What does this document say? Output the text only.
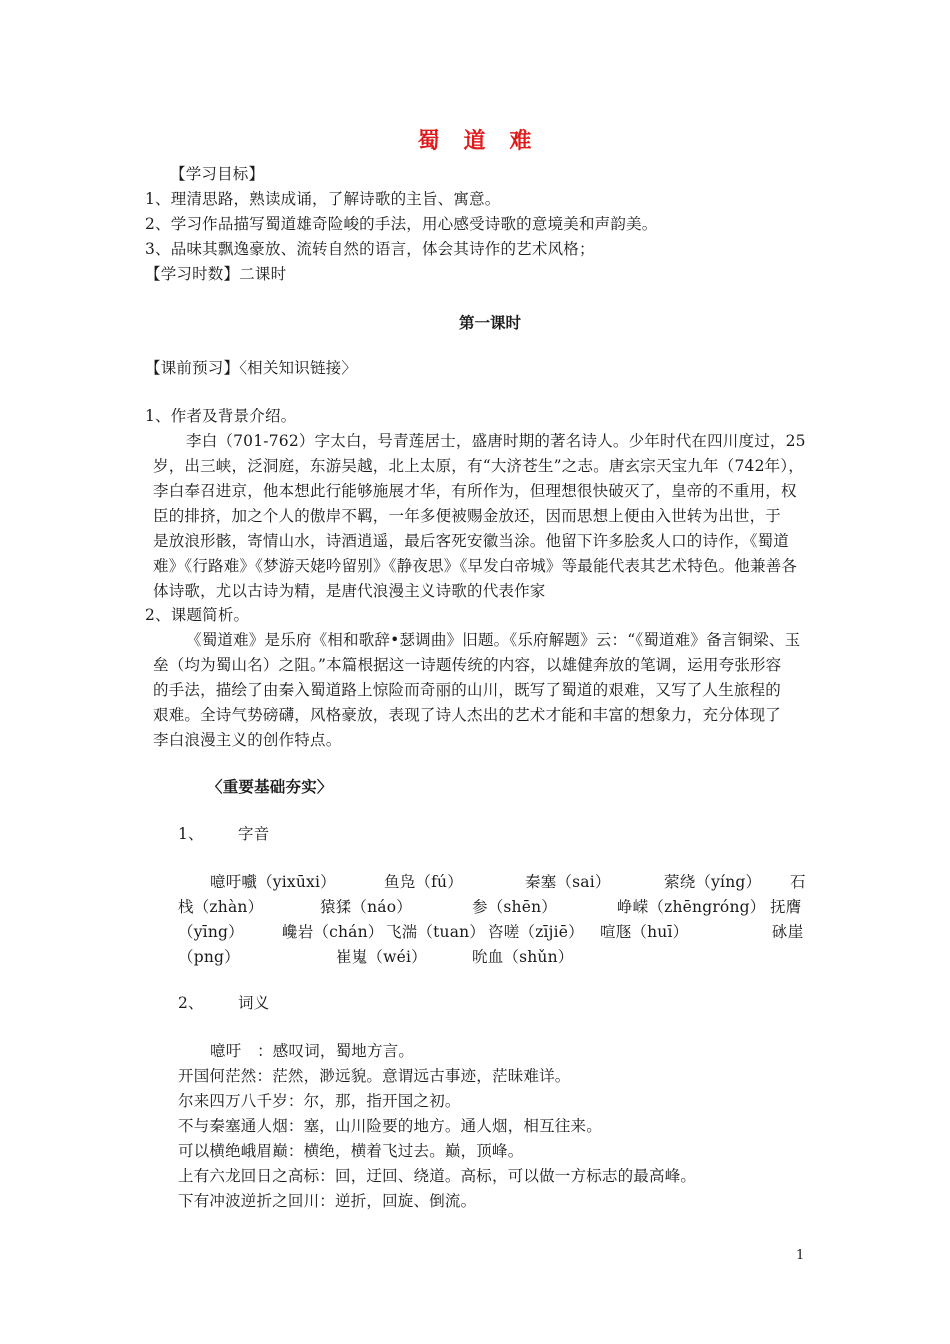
蜀　道　难
【学习目标】
1、理清思路，熟读成诵，了解诗歌的主旨、寓意。
2、学习作品描写蜀道雄奇险峻的手法，用心感受诗歌的意境美和声韵美。
3、品味其飘逸豪放、流转自然的语言，体会其诗作的艺术风格；
【学习时数】二课时
第一课时
【课前预习】〈相关知识链接〉
1、作者及背景介绍。
李白（701-762）字太白，号青莲居士，盛唐时期的著名诗人。少年时代在四川度过，25
岁，出三峡，泛洞庭，东游吴越，北上太原，有“大济苍生”之志。唐玄宗天宝九年（742年），
李白奉召进京，他本想此行能够施展才华，有所作为，但理想很快破灭了，皇帝的不重用，权
臣的排挤，加之个人的傲岸不羁，一年多便被赐金放还，因而思想上便由入世转为出世，于
是放浪形骸，寄情山水，诗酒逍遥，最后客死安徽当涂。他留下许多脍炙人口的诗作，《蜀道
难》《行路难》《梦游天姥吟留别》《静夜思》《早发白帝城》等最能代表其艺术特色。他兼善各
体诗歌，尤以古诗为精，是唐代浪漫主义诗歌的代表作家
2、课题简析。
《蜀道难》是乐府《相和歌辞•瑟调曲》旧题。《乐府解题》云：“《蜀道难》备言铜梁、玉
垒（均为蜀山名）之阻。”本篇根据这一诗题传统的内容，以雄健奔放的笔调，运用夸张形容
的手法，描绘了由秦入蜀道路上惊险而奇丽的山川，既写了蜀道的艰难，又写了人生旅程的
艰难。全诗气势磅礴，风格豪放，表现了诗人杰出的艺术才能和丰富的想象力，充分体现了
李白浪漫主义的创作特点。
〈重要基础夯实〉
1、 字音
噫吁嚱（yixūxi）	鱼凫（fú）	秦塞（sai）	萦绕（yíng） 石
栈（zhàn）	猿猱（náo）	参（shēn）	峥嵘（zhēngróng） 抚膺
（yīng） 巉岩（chán） 飞湍（tuan） 咨嗟（zījiē） 喧豗（huī）	砯崖
（png）	崔嵬（wéi）	吮血（shǔn）
2、 词义
噫吁　：感叹词，蜀地方言。
开国何茫然：茫然，渺远貌。意谓远古事迹，茫昧难详。
尔来四万八千岁：尔，那，指开国之初。
不与秦塞通人烟：塞，山川险要的地方。通人烟，相互往来。
可以横绝峨眉巅：横绝，横着飞过去。巅，顶峰。
上有六龙回日之高标：回，迂回、绕道。高标，可以做一方标志的最高峰。
下有冲波逆折之回川：逆折，回旋、倒流。
1
